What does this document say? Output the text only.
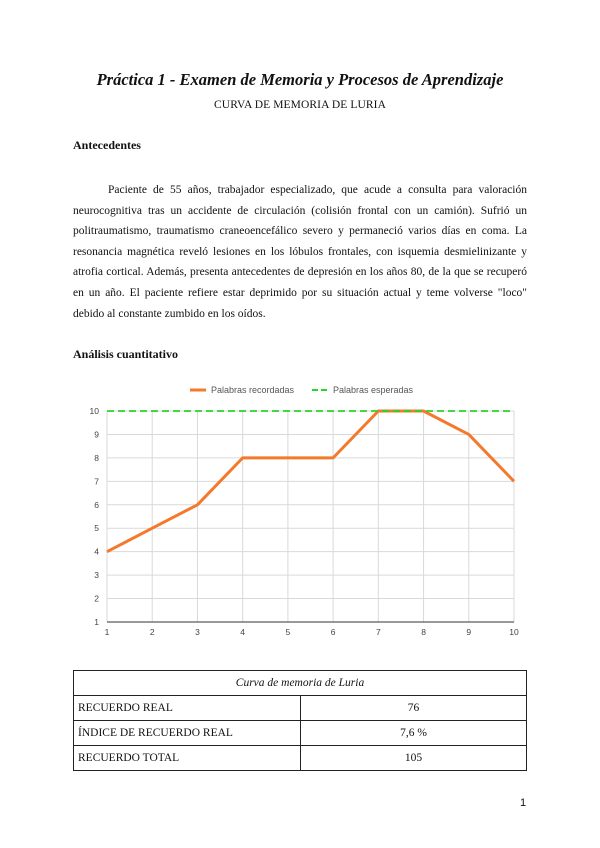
Práctica 1 - Examen de Memoria y Procesos de Aprendizaje
CURVA DE MEMORIA DE LURIA
Antecedentes

Paciente de 55 años, trabajador especializado, que acude a consulta para valoración neurocognitiva tras un accidente de circulación (colisión frontal con un camión). Sufrió un politraumatismo, traumatismo craneoencefálico severo y permaneció varios días en coma. La resonancia magnética reveló lesiones en los lóbulos frontales, con isquemia desmielinizante y atrofia cortical. Además, presenta antecedentes de depresión en los años 80, de la que se recuperó en un año. El paciente refiere estar deprimido por su situación actual y teme volverse "loco" debido al constante zumbido en los oídos.

Análisis cuantitativo
1
2
3
4
5
6
7
8
9
10
1	2	3	4	5	6	7	8	9	10
Palabras recordadas	Palabras esperadas
Curva de memoria de Luria	
RECUERDO REAL	76
ÍNDICE DE RECUERDO REAL	7,6 %
RECUERDO TOTAL	105
1
